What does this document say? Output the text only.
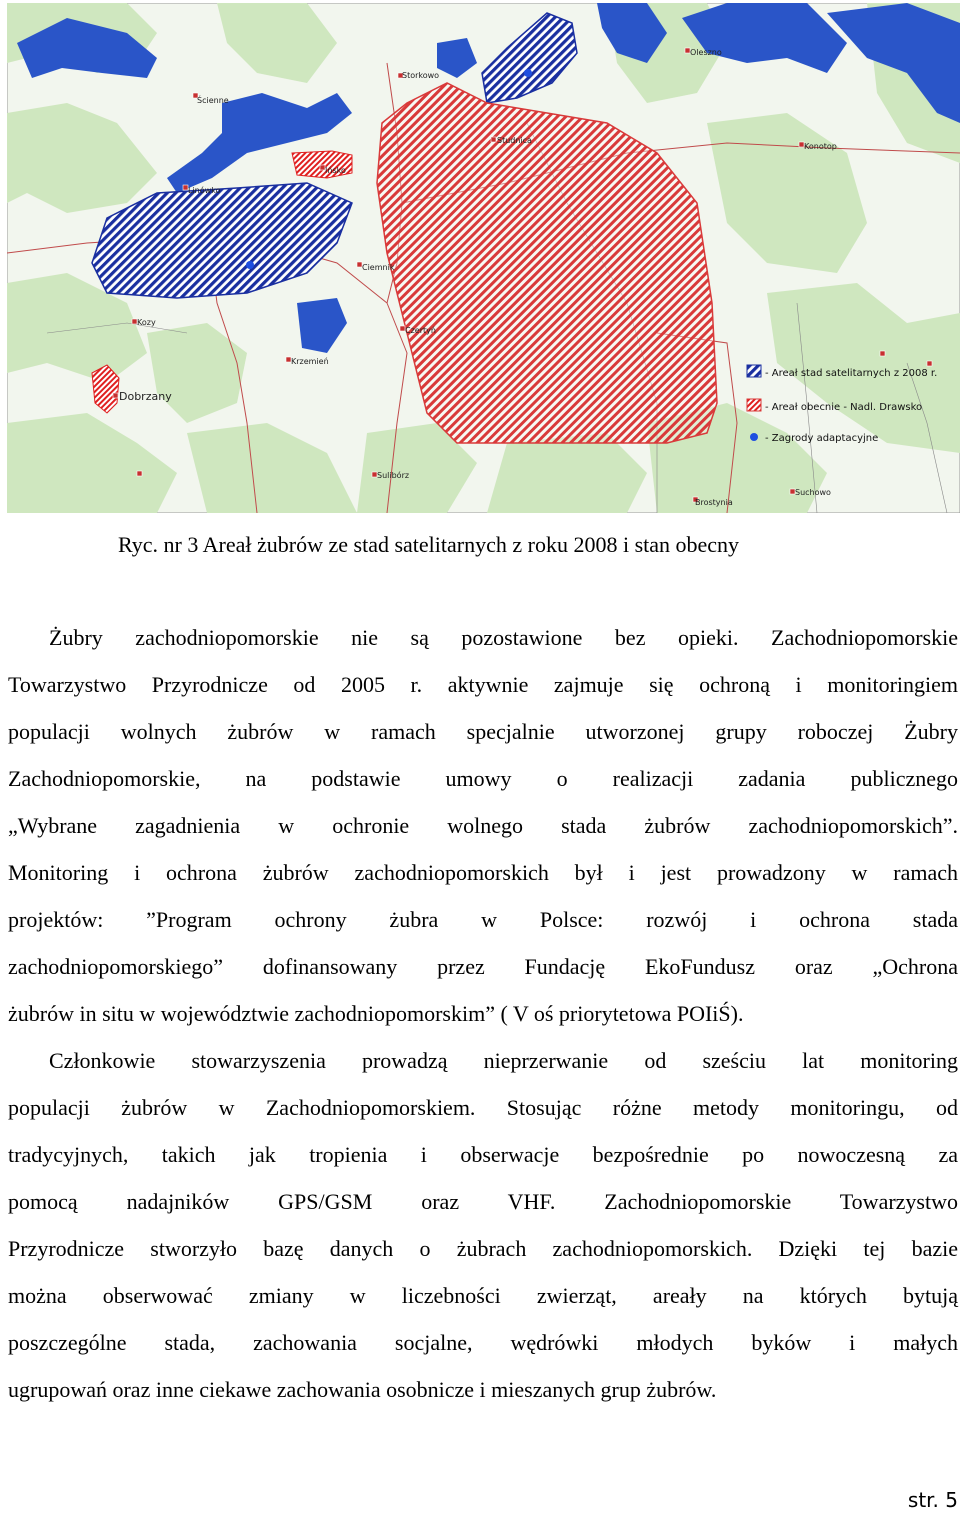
Ścienne
Storkowo
Oleszno
Studnica
Konotop
Linówko
Ińsko
Ciemnik
Kozy
Czertyń
Krzemień
Dobrzany
Sulibórz
Brostynia
Suchowo
- Areał stad satelitarnych z 2008 r.
- Areał obecnie - Nadl. Drawsko
- Zagrody adaptacyjne
Ryc. nr 3 Areał żubrów ze stad satelitarnych z roku 2008 i stan obecny
Żubry zachodniopomorskie nie są pozostawione bez opieki. Zachodniopomorskie
Towarzystwo Przyrodnicze od 2005 r. aktywnie zajmuje się ochroną i monitoringiem
populacji wolnych żubrów w ramach specjalnie utworzonej grupy roboczej Żubry
Zachodniopomorskie, na podstawie umowy o realizacji zadania publicznego
„Wybrane zagadnienia w ochronie wolnego stada żubrów zachodniopomorskich”.
Monitoring i ochrona żubrów zachodniopomorskich był i jest prowadzony w ramach
projektów: ”Program ochrony żubra w Polsce: rozwój i ochrona stada
zachodniopomorskiego” dofinansowany przez Fundację EkoFundusz oraz „Ochrona
żubrów in situ w województwie zachodniopomorskim” ( V oś priorytetowa POIiŚ).
Członkowie stowarzyszenia prowadzą nieprzerwanie od sześciu lat monitoring
populacji żubrów w Zachodniopomorskiem. Stosując różne metody monitoringu, od
tradycyjnych, takich jak tropienia i obserwacje bezpośrednie po nowoczesną za
pomocą nadajników GPS/GSM oraz VHF. Zachodniopomorskie Towarzystwo
Przyrodnicze stworzyło bazę danych o żubrach zachodniopomorskich. Dzięki tej bazie
można obserwować zmiany w liczebności zwierząt, areały na których bytują
poszczególne stada, zachowania socjalne, wędrówki młodych byków i małych
ugrupowań oraz inne ciekawe zachowania osobnicze i mieszanych grup żubrów.
str. 5
